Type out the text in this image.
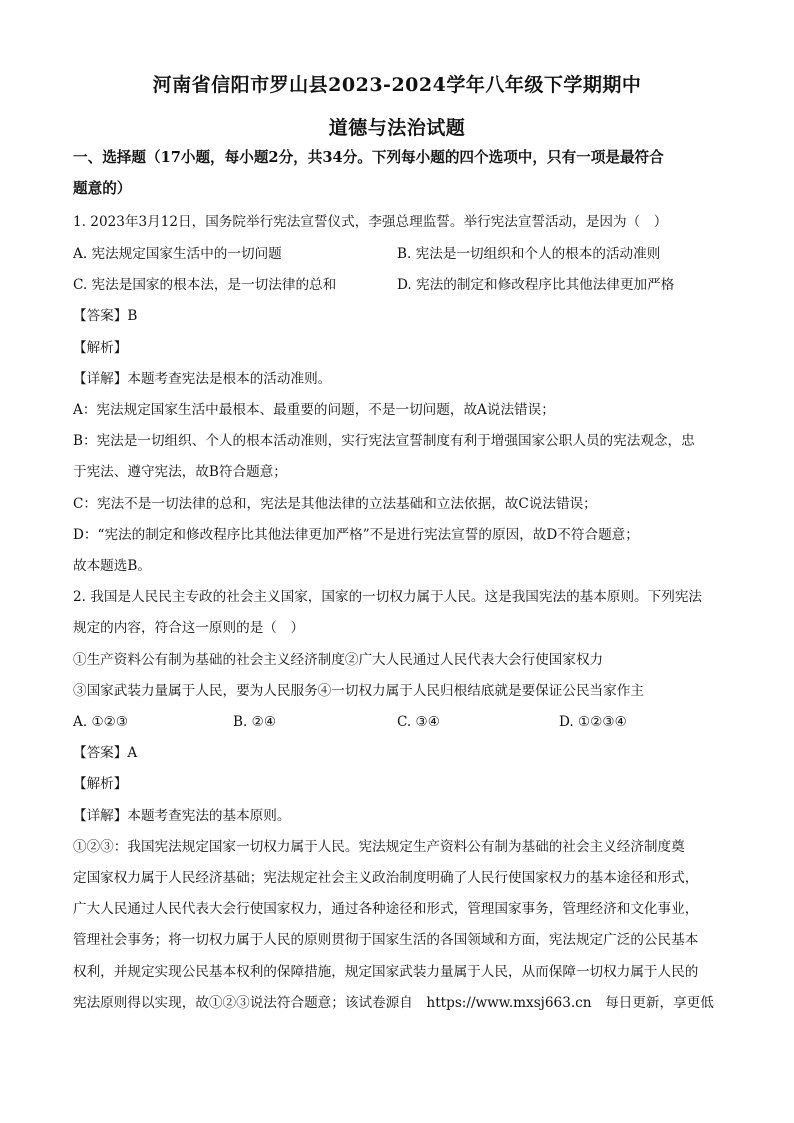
河南省信阳市罗山县2023-2024学年八年级下学期期中
道德与法治试题
一、选择题（17小题，每小题2分，共34分。下列每小题的四个选项中，只有一项是最符合
题意的）
1. 2023年3月12日，国务院举行宪法宣誓仪式，李强总理监誓。举行宪法宣誓活动，是因为（　）
A. 宪法规定国家生活中的一切问题	B. 宪法是一切组织和个人的根本的活动准则
C. 宪法是国家的根本法，是一切法律的总和	D. 宪法的制定和修改程序比其他法律更加严格
【答案】B
【解析】
【详解】本题考查宪法是根本的活动准则。
A：宪法规定国家生活中最根本、最重要的问题，不是一切问题，故A说法错误；
B：宪法是一切组织、个人的根本活动准则，实行宪法宣誓制度有利于增强国家公职人员的宪法观念，忠
于宪法、遵守宪法，故B符合题意；
C：宪法不是一切法律的总和，宪法是其他法律的立法基础和立法依据，故C说法错误；
D：“宪法的制定和修改程序比其他法律更加严格”不是进行宪法宣誓的原因，故D不符合题意；
故本题选B。
2. 我国是人民民主专政的社会主义国家，国家的一切权力属于人民。这是我国宪法的基本原则。下列宪法
规定的内容，符合这一原则的是（　）
①生产资料公有制为基础的社会主义经济制度②广大人民通过人民代表大会行使国家权力
③国家武装力量属于人民，要为人民服务④一切权力属于人民归根结底就是要保证公民当家作主
A. ①②③	B. ②④	C. ③④	D. ①②③④
【答案】A
【解析】
【详解】本题考查宪法的基本原则。
①②③：我国宪法规定国家一切权力属于人民。宪法规定生产资料公有制为基础的社会主义经济制度奠
定国家权力属于人民经济基础；宪法规定社会主义政治制度明确了人民行使国家权力的基本途径和形式，
广大人民通过人民代表大会行使国家权力，通过各种途径和形式，管理国家事务，管理经济和文化事业，
管理社会事务；将一切权力属于人民的原则贯彻于国家生活的各国领域和方面，宪法规定广泛的公民基本
权利，并规定实现公民基本权利的保障措施，规定国家武装力量属于人民，从而保障一切权力属于人民的
宪法原则得以实现，故①②③说法符合题意；该试卷源自　https://www.mxsj663.cn　每日更新，享更低
